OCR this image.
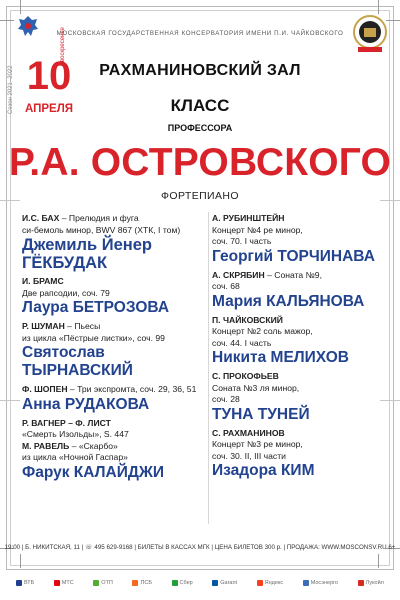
МОСКОВСКАЯ ГОСУДАРСТВЕННАЯ КОНСЕРВАТОРИЯ ИМЕНИ П.И. ЧАЙКОВСКОГО
Сезон 2021–2022 10
воскресенье
АПРЕЛЯ
РАХМАНИНОВСКИЙ ЗАЛ
КЛАСС
ПРОФЕССОРА
Р.А. ОСТРОВСКОГО
ФОРТЕПИАНО
И.С. БАХ – Прелюдия и фуга
си-бемоль минор, BWV 867 (ХТК, I том)
Джемиль Йенер
ГЁКБУДАК
И. БРАМС
Две рапсодии, соч. 79
Лаура БЕТРОЗОВА
Р. ШУМАН – Пьесы
из цикла «Пёстрые листки», соч. 99
Святослав
ТЫРНАВСКИЙ
Ф. ШОПЕН – Три экспромта, соч. 29, 36, 51
Анна РУДАКОВА
Р. ВАГНЕР – Ф. ЛИСТ
«Смерть Изольды», S. 447
М. РАВЕЛЬ – «Скарбо»
из цикла «Ночной Гаспар»
Фарук КАЛАЙДЖИ
А. РУБИНШТЕЙН
Концерт №4 ре минор,
соч. 70. I часть
Георгий ТОРЧИНАВА
А. СКРЯБИН – Соната №9,
соч. 68
Мария КАЛЬЯНОВА
П. ЧАЙКОВСКИЙ
Концерт №2 соль мажор,
соч. 44. I часть
Никита МЕЛИХОВ
С. ПРОКОФЬЕВ
Соната №3 ля минор,
соч. 28
ТУНА ТУНЕЙ
С. РАХМАНИНОВ
Концерт №3 ре минор,
соч. 30. II, III части
Изадора КИМ
19:00 | Б. НИКИТСКАЯ, 11 | ☏ 495 629-9168 | БИЛЕТЫ В КАССАХ МГК | ЦЕНА БИЛЕТОВ 300 р. | ПРОДАЖА: WWW.MOSCONSV.RU 6+
ВТБ	МТС	ОТП	ПСБ	Сбер	Garant	Яндекс	Мосэнерго	Лукойл
